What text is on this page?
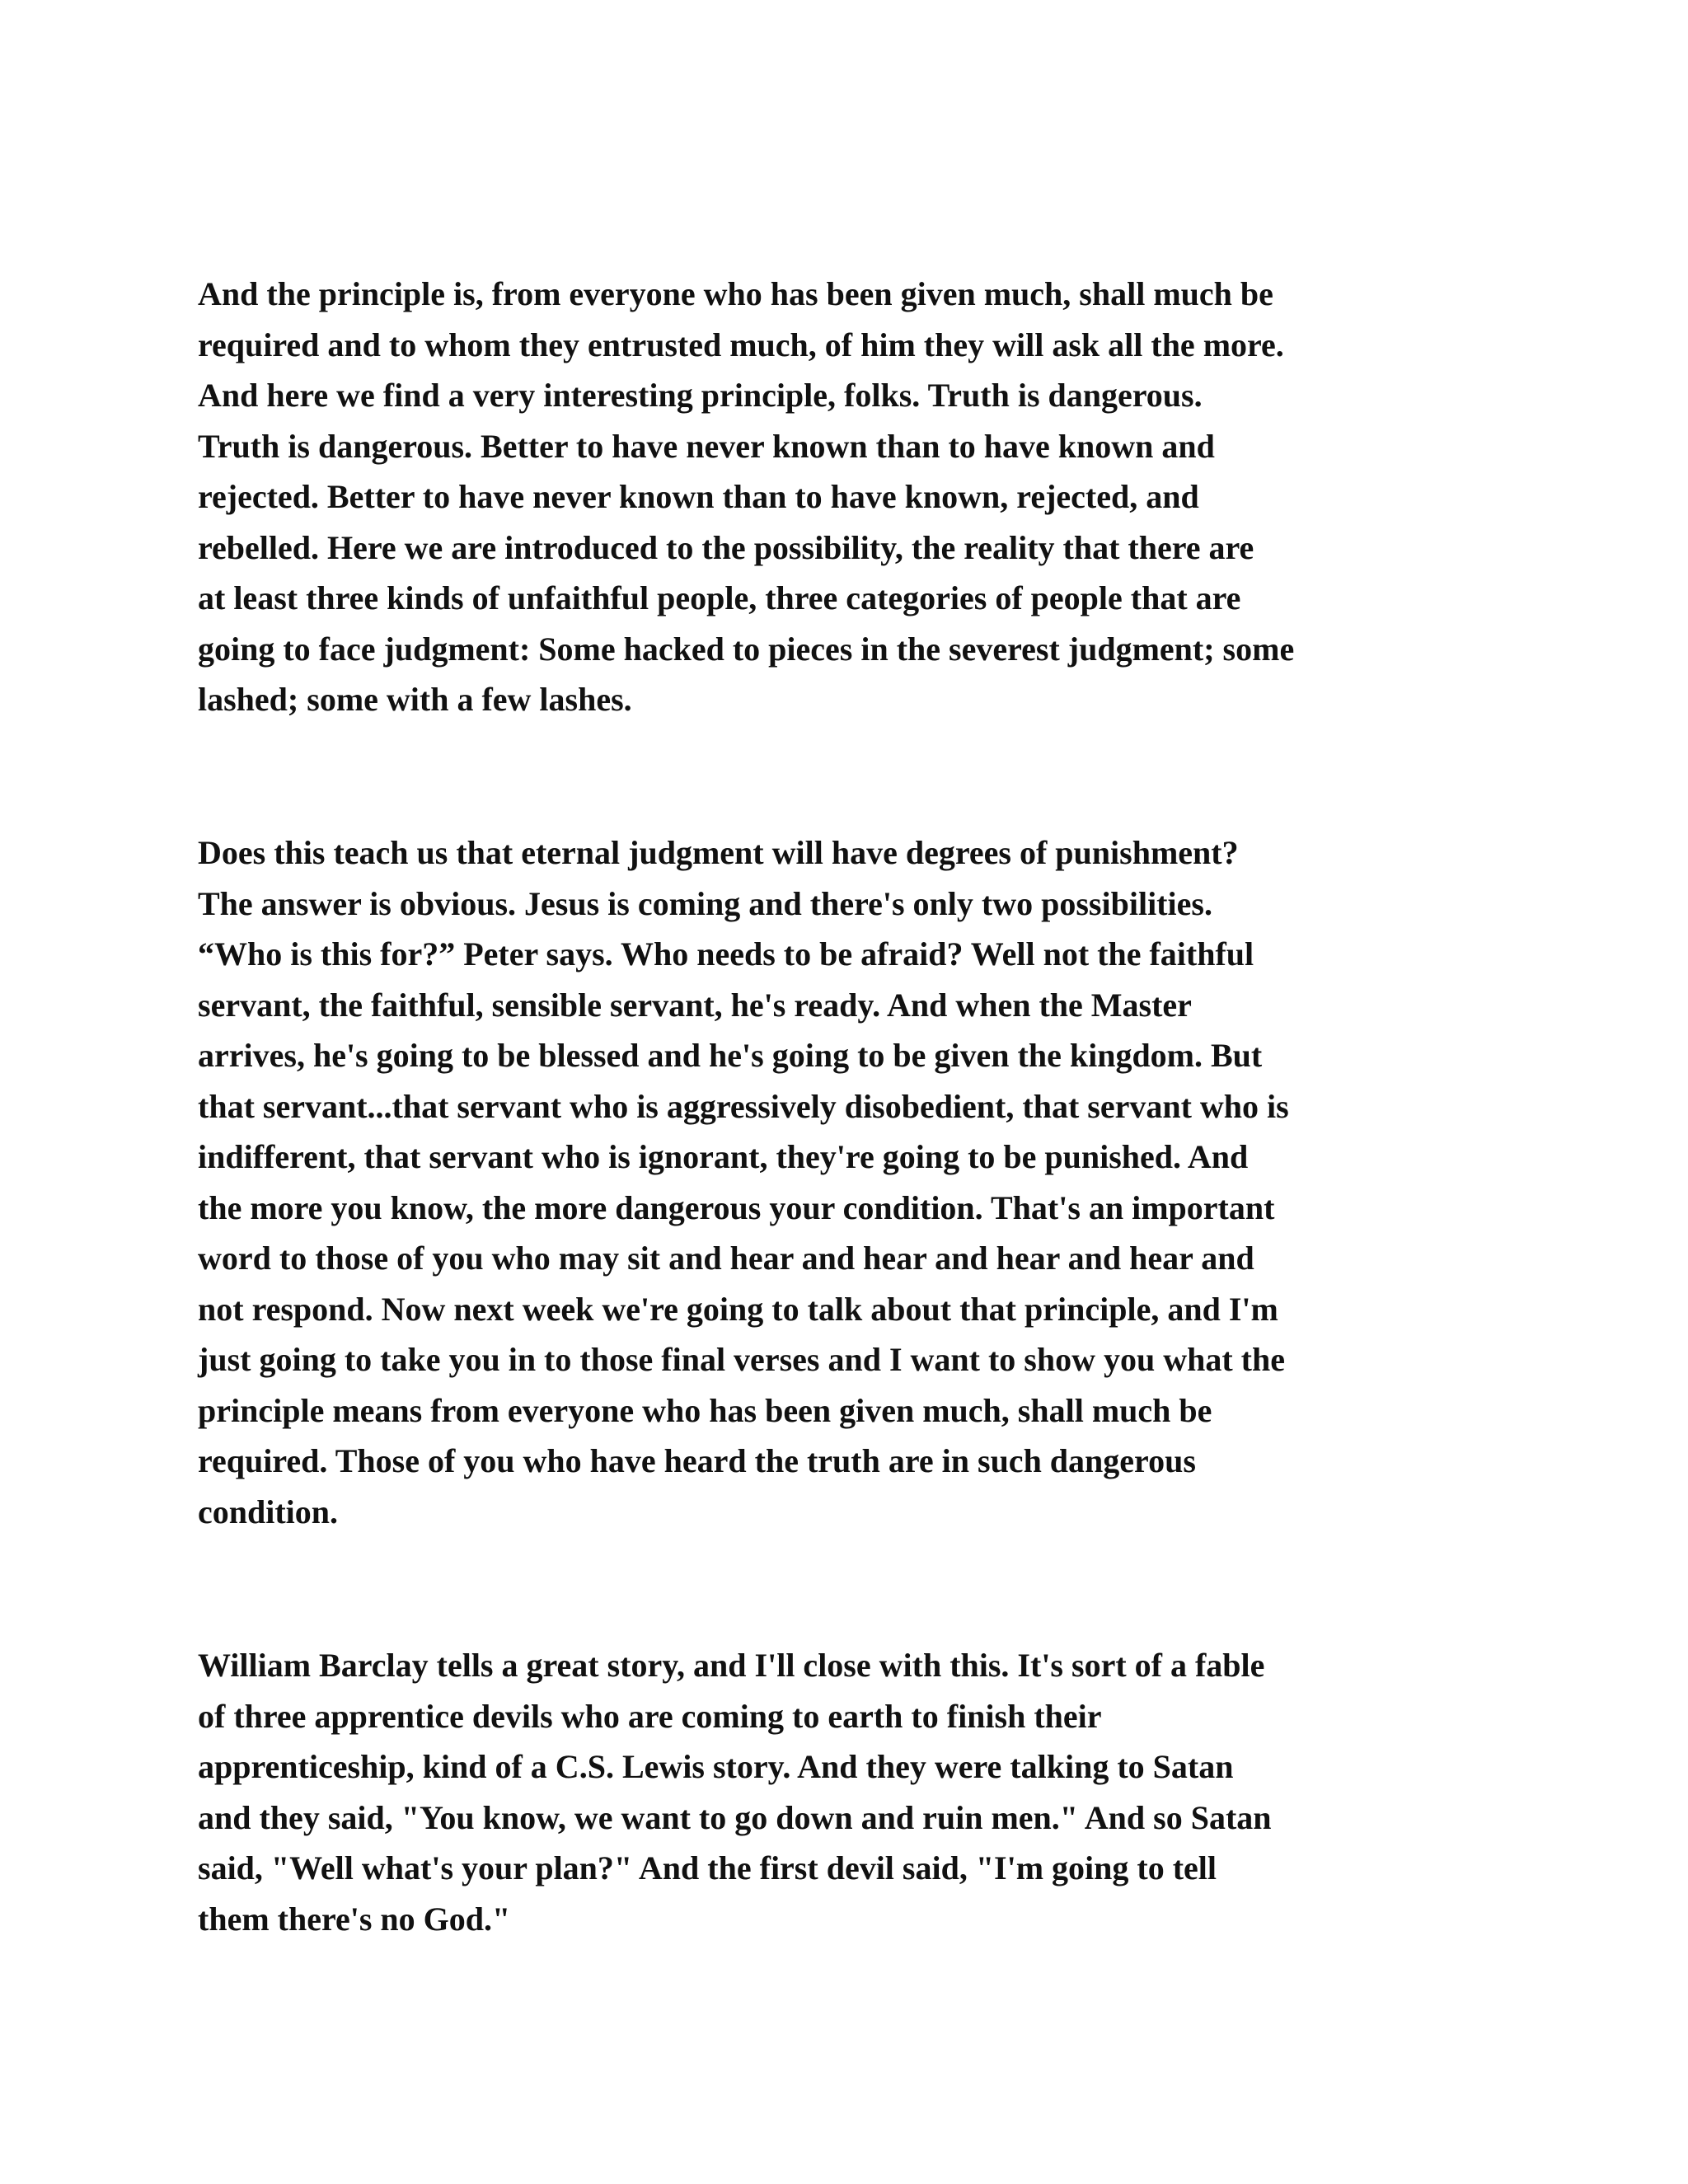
And the principle is, from everyone who has been given much, shall much be
required and to whom they entrusted much, of him they will ask all the more.
And here we find a very interesting principle, folks. Truth is dangerous.
Truth is dangerous. Better to have never known than to have known and
rejected. Better to have never known than to have known, rejected, and
rebelled. Here we are introduced to the possibility, the reality that there are
at least three kinds of unfaithful people, three categories of people that are
going to face judgment: Some hacked to pieces in the severest judgment; some
lashed; some with a few lashes.
Does this teach us that eternal judgment will have degrees of punishment?
The answer is obvious. Jesus is coming and there's only two possibilities.
“Who is this for?” Peter says. Who needs to be afraid? Well not the faithful
servant, the faithful, sensible servant, he's ready. And when the Master
arrives, he's going to be blessed and he's going to be given the kingdom. But
that servant...that servant who is aggressively disobedient, that servant who is
indifferent, that servant who is ignorant, they're going to be punished. And
the more you know, the more dangerous your condition. That's an important
word to those of you who may sit and hear and hear and hear and hear and
not respond. Now next week we're going to talk about that principle, and I'm
just going to take you in to those final verses and I want to show you what the
principle means from everyone who has been given much, shall much be
required. Those of you who have heard the truth are in such dangerous
condition.
William Barclay tells a great story, and I'll close with this. It's sort of a fable
of three apprentice devils who are coming to earth to finish their
apprenticeship, kind of a C.S. Lewis story. And they were talking to Satan
and they said, "You know, we want to go down and ruin men." And so Satan
said, "Well what's your plan?" And the first devil said, "I'm going to tell
them there's no God."
